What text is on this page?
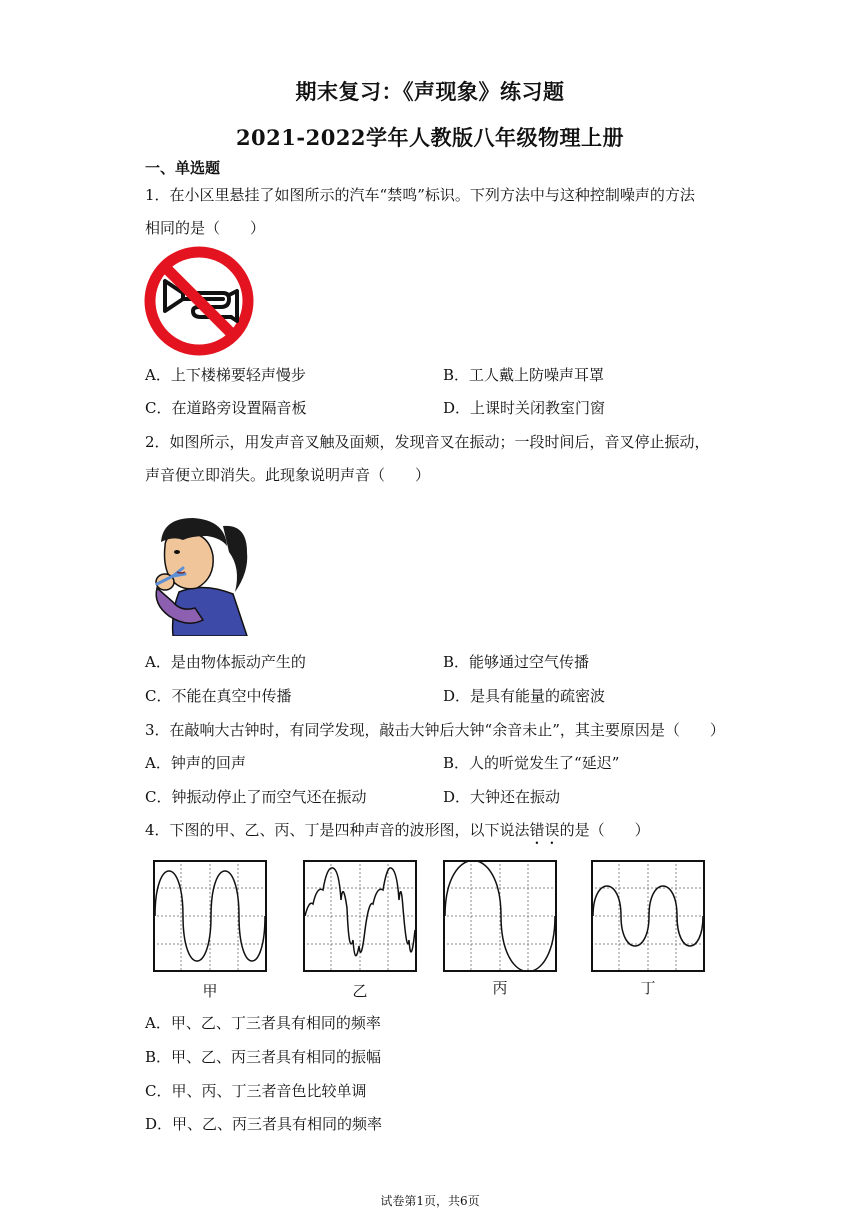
期末复习：《声现象》练习题
2021-2022学年人教版八年级物理上册
一、单选题
1．在小区里悬挂了如图所示的汽车“禁鸣”标识。下列方法中与这种控制噪声的方法
相同的是（　　）
A．上下楼梯要轻声慢步	B．工人戴上防噪声耳罩
C．在道路旁设置隔音板	D．上课时关闭教室门窗
2．如图所示，用发声音叉触及面颊，发现音叉在振动；一段时间后，音叉停止振动，
声音便立即消失。此现象说明声音（　　）
A．是由物体振动产生的	B．能够通过空气传播
C．不能在真空中传播	D．是具有能量的疏密波
3．在敲响大古钟时，有同学发现，敲击大钟后大钟“余音未止”，其主要原因是（　　）
A．钟声的回声	B．人的听觉发生了“延迟”
C．钟振动停止了而空气还在振动	D．大钟还在振动
4．下图的甲、乙、丙、丁是四种声音的波形图，以下说法错误的是（　　）
甲	乙	丙	丁
A．甲、乙、丁三者具有相同的频率
B．甲、乙、丙三者具有相同的振幅
C．甲、丙、丁三者音色比较单调
D．甲、乙、丙三者具有相同的频率
试卷第1页，共6页
